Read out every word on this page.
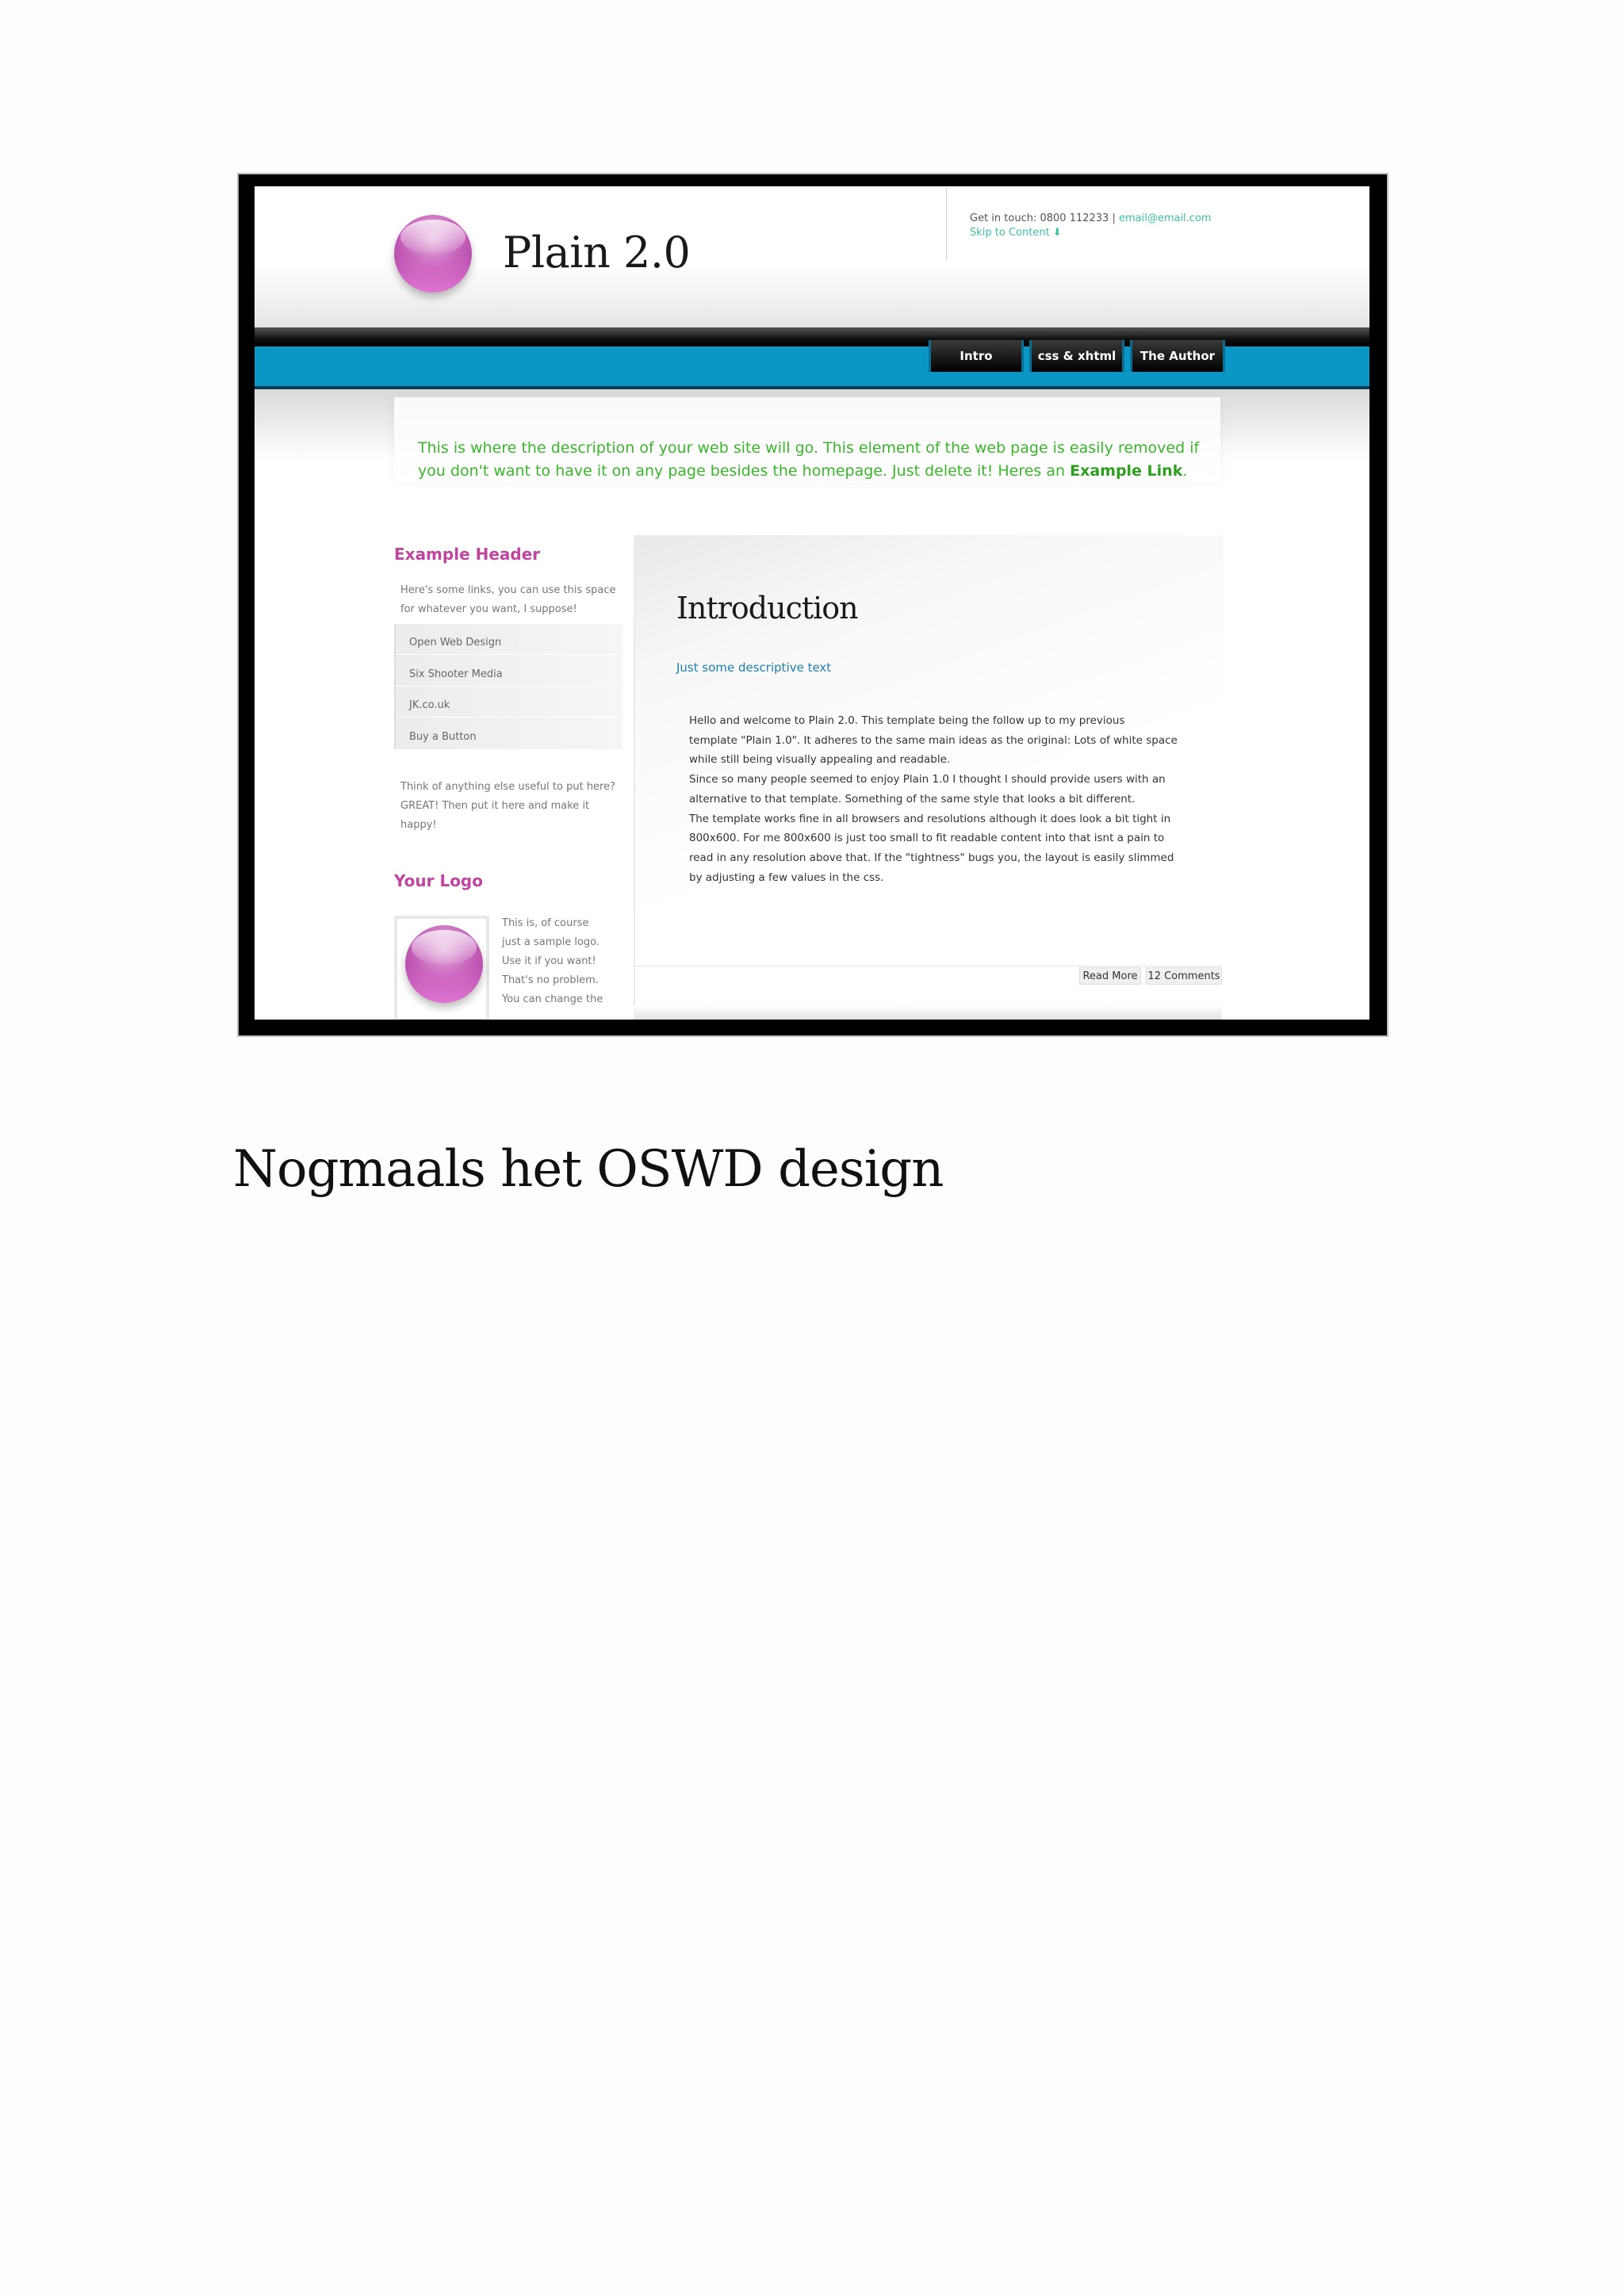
Plain 2.0
Get in touch: 0800 112233 | email@email.com
Skip to Content ⬇
Intro	css & xhtml	The Author
This is where the description of your web site will go. This element of the web page is easily removed if you don't want to have it on any page besides the homepage. Just delete it! Heres an Example Link.
Example Header
Here's some links, you can use this space
for whatever you want, I suppose!
Open Web Design
Six Shooter Media
JK.co.uk
Buy a Button
Think of anything else useful to put here?
GREAT! Then put it here and make it
happy!
Your Logo
This is, of course
just a sample logo.
Use it if you want!
That's no problem.
You can change the
Introduction
Just some descriptive text
Hello and welcome to Plain 2.0. This template being the follow up to my previous
template "Plain 1.0". It adheres to the same main ideas as the original: Lots of white space
while still being visually appealing and readable.
Since so many people seemed to enjoy Plain 1.0 I thought I should provide users with an
alternative to that template. Something of the same style that looks a bit different.
The template works fine in all browsers and resolutions although it does look a bit tight in
800x600. For me 800x600 is just too small to fit readable content into that isnt a pain to
read in any resolution above that. If the "tightness" bugs you, the layout is easily slimmed
by adjusting a few values in the css.
Read More 12 Comments
Nogmaals het OSWD design
